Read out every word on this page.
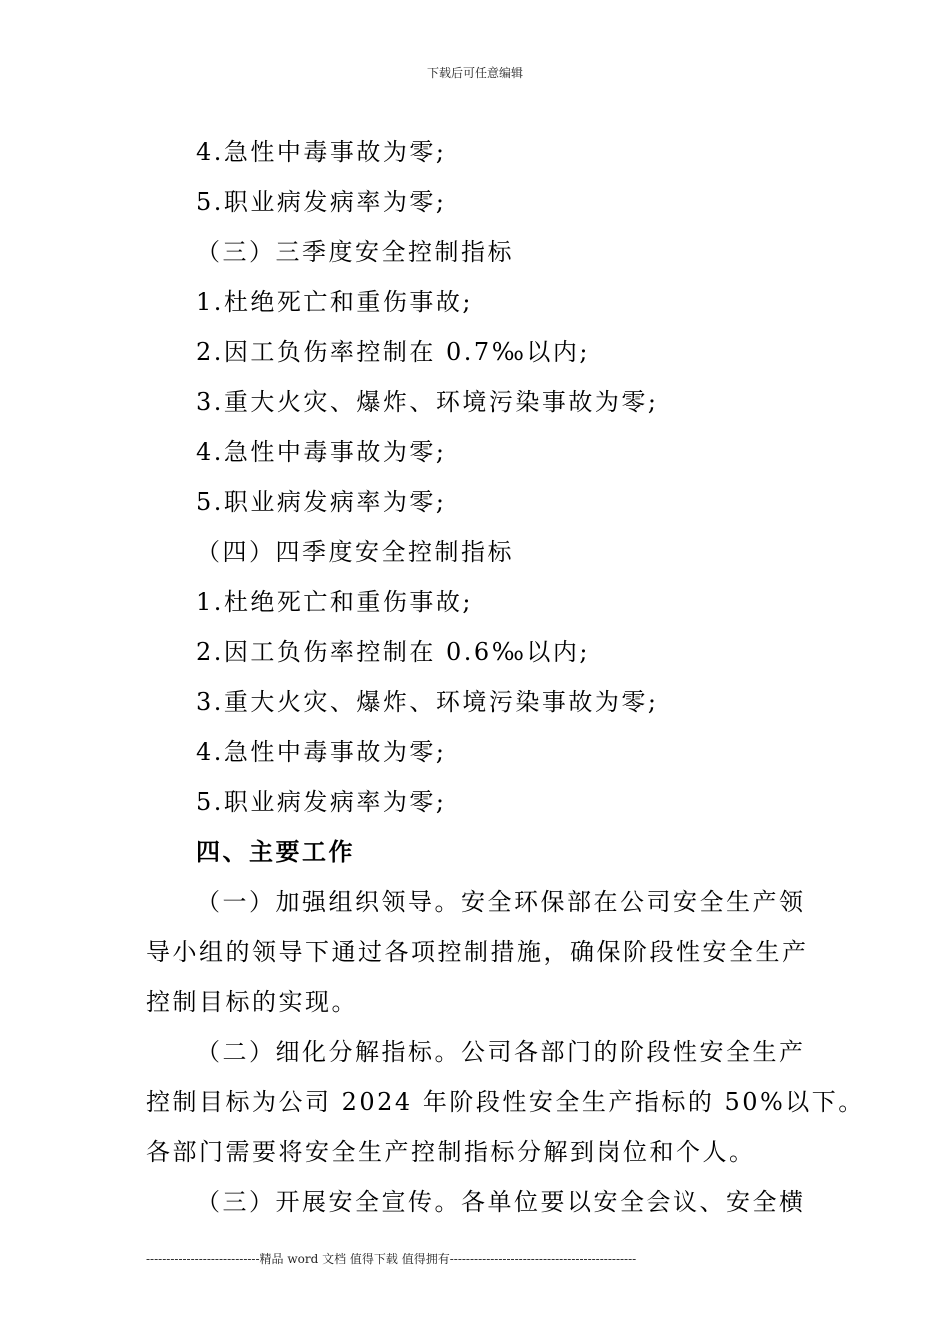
下载后可任意编辑
4.急性中毒事故为零;
5.职业病发病率为零;
（三）三季度安全控制指标
1.杜绝死亡和重伤事故;
2.因工负伤率控制在 0.7‰以内;
3.重大火灾、爆炸、环境污染事故为零;
4.急性中毒事故为零;
5.职业病发病率为零;
（四）四季度安全控制指标
1.杜绝死亡和重伤事故;
2.因工负伤率控制在 0.6‰以内;
3.重大火灾、爆炸、环境污染事故为零;
4.急性中毒事故为零;
5.职业病发病率为零;
四、主要工作
（一）加强组织领导。安全环保部在公司安全生产领
导小组的领导下通过各项控制措施，确保阶段性安全生产
控制目标的实现。
（二）细化分解指标。公司各部门的阶段性安全生产
控制目标为公司 2024 年阶段性安全生产指标的 50%以下。
各部门需要将安全生产控制指标分解到岗位和个人。
（三）开展安全宣传。各单位要以安全会议、安全横
----------------------------精品 word 文档 值得下载 值得拥有----------------------------------------------
